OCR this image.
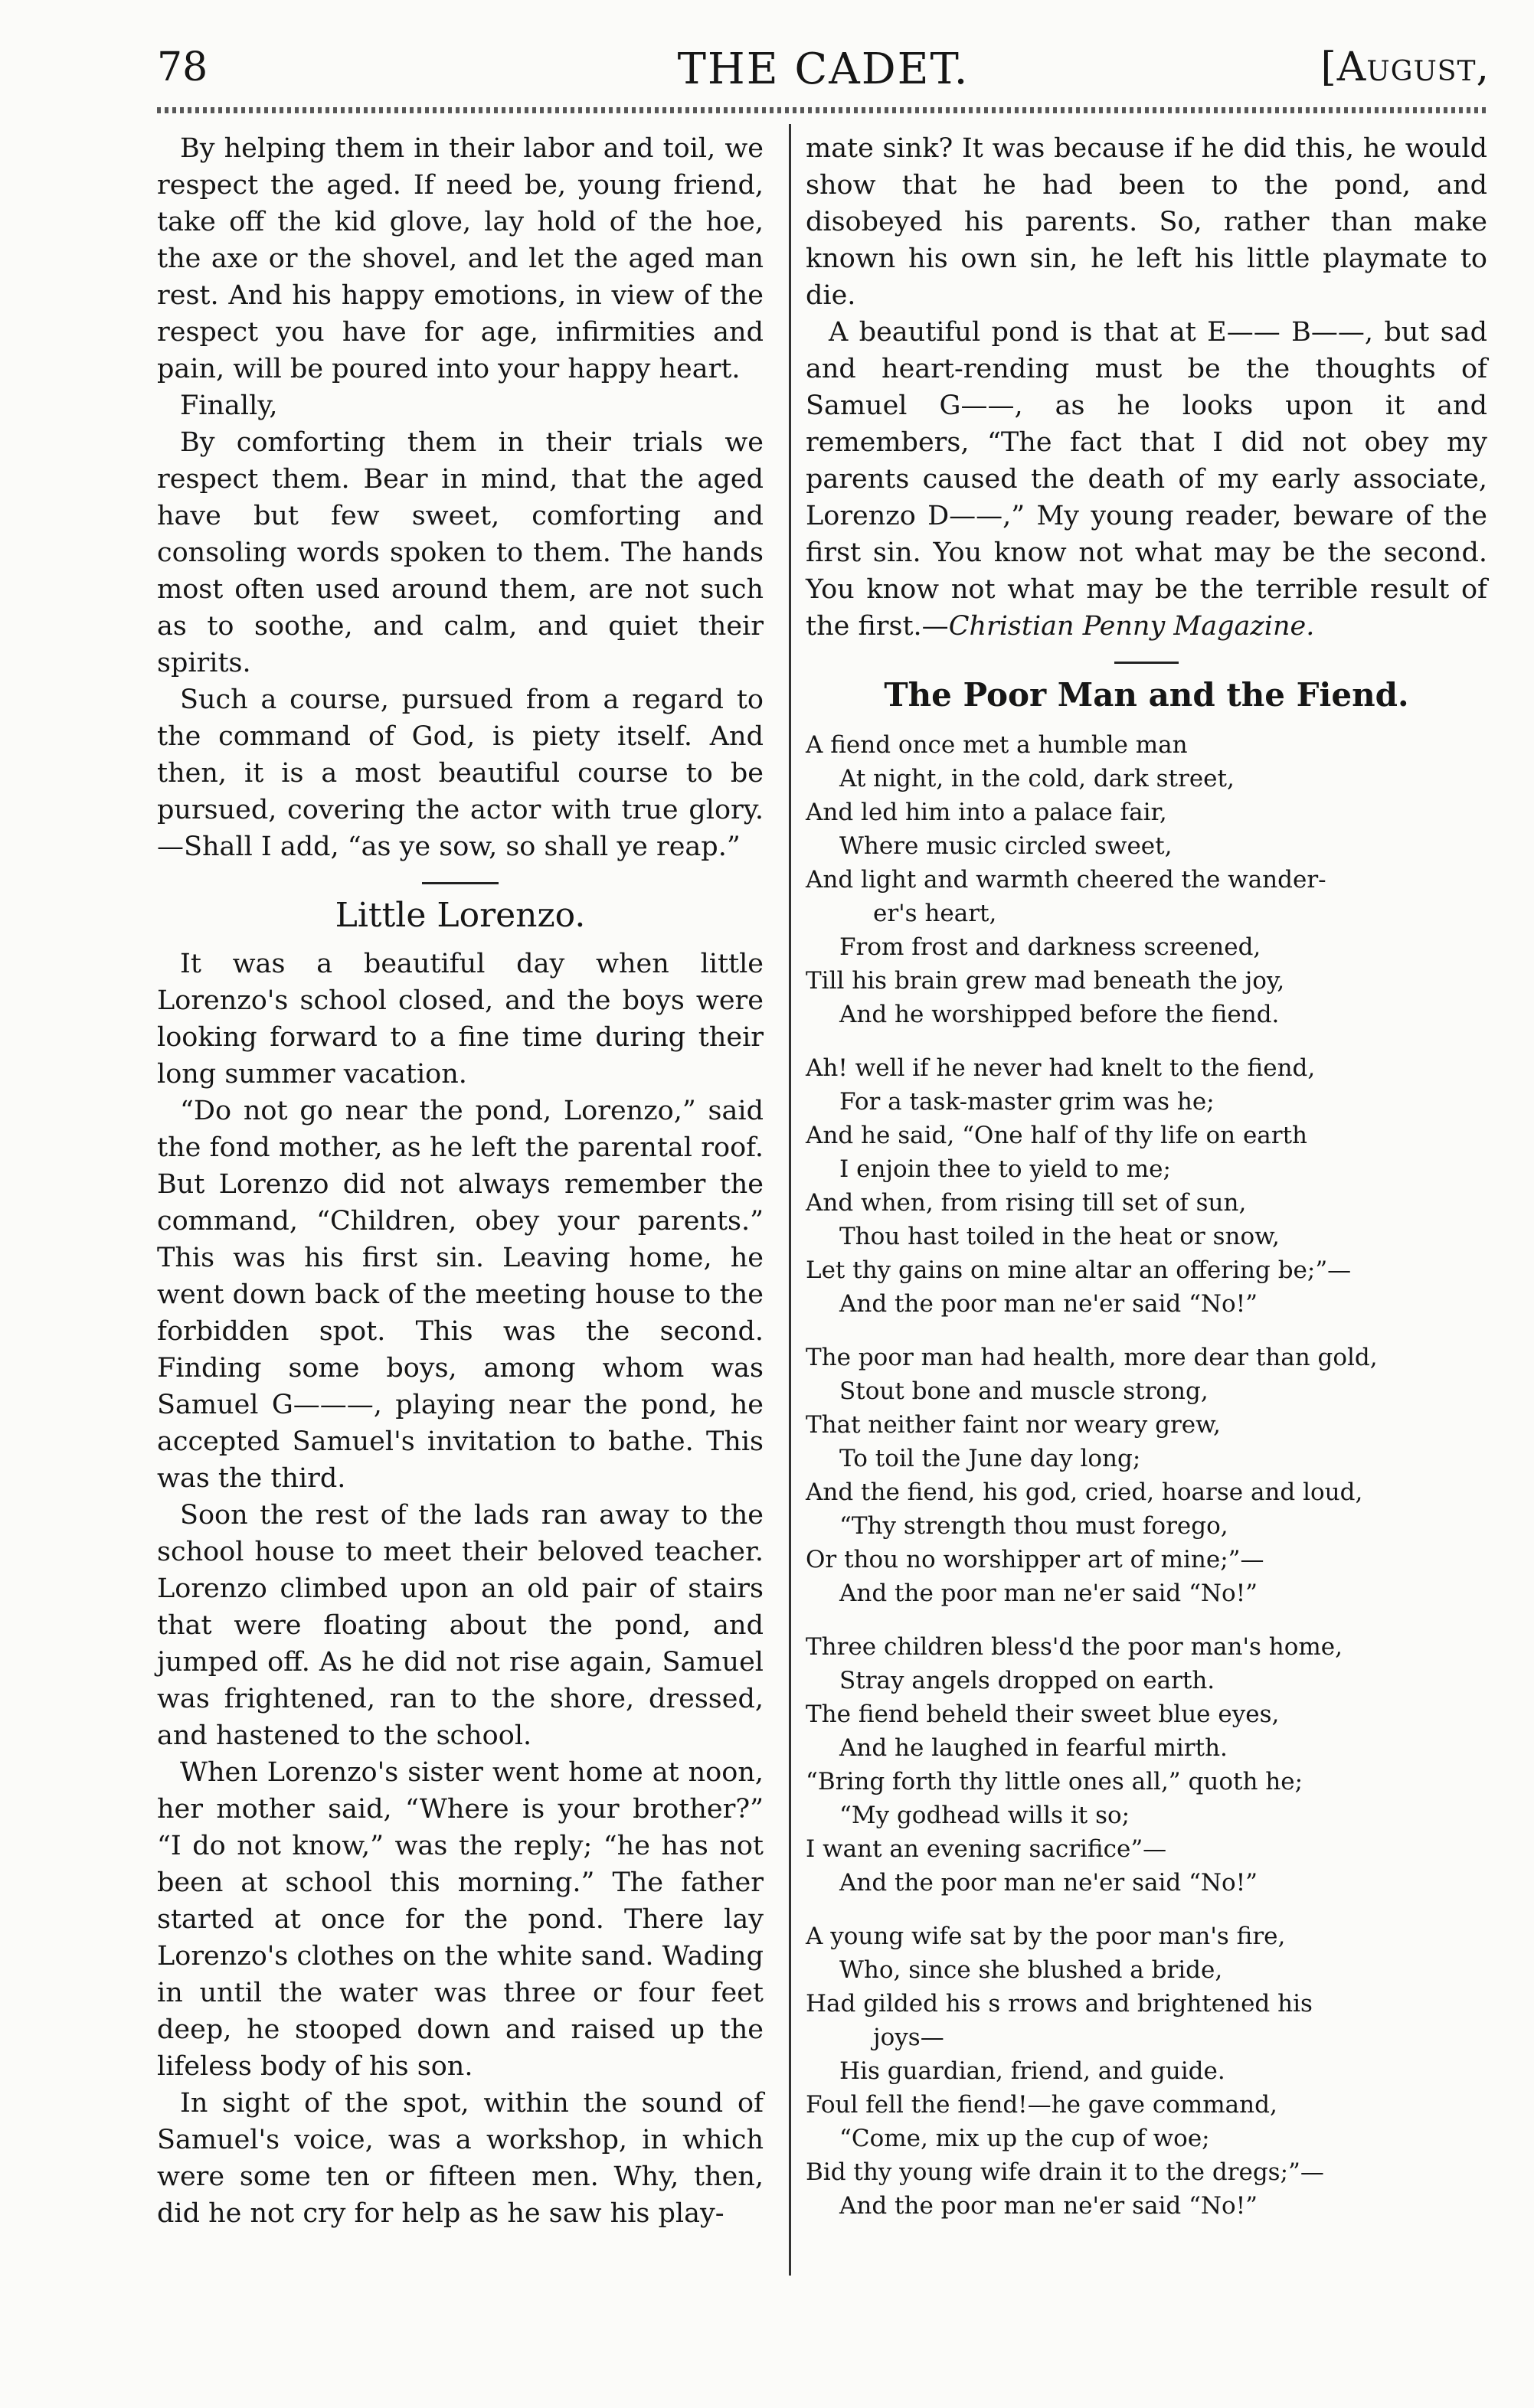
78	THE CADET.	[August,

By helping them in their labor and toil, we respect the aged. If need be, young friend, take off the kid glove, lay hold of the hoe, the axe or the shovel, and let the aged man rest. And his happy emotions, in view of the respect you have for age, infirmities and pain, will be poured into your happy heart.

Finally,

By comforting them in their trials we respect them. Bear in mind, that the aged have but few sweet, comforting and consoling words spoken to them. The hands most often used around them, are not such as to soothe, and calm, and quiet their spirits.

Such a course, pursued from a regard to the command of God, is piety itself. And then, it is a most beautiful course to be pursued, covering the actor with true glory.—Shall I add, “as ye sow, so shall ye reap.”

Little Lorenzo.

It was a beautiful day when little Lorenzo's school closed, and the boys were looking forward to a fine time during their long summer vacation.

“Do not go near the pond, Lorenzo,” said the fond mother, as he left the parental roof. But Lorenzo did not always remember the command, “Children, obey your parents.” This was his first sin. Leaving home, he went down back of the meeting house to the forbidden spot. This was the second. Finding some boys, among whom was Samuel G———, playing near the pond, he accepted Samuel's invitation to bathe. This was the third.

Soon the rest of the lads ran away to the school house to meet their beloved teacher. Lorenzo climbed upon an old pair of stairs that were floating about the pond, and jumped off. As he did not rise again, Samuel was frightened, ran to the shore, dressed, and hastened to the school.

When Lorenzo's sister went home at noon, her mother said, “Where is your brother?” “I do not know,” was the reply; “he has not been at school this morning.” The father started at once for the pond. There lay Lorenzo's clothes on the white sand. Wading in until the water was three or four feet deep, he stooped down and raised up the lifeless body of his son.

In sight of the spot, within the sound of Samuel's voice, was a workshop, in which were some ten or fifteen men. Why, then, did he not cry for help as he saw his play-

mate sink? It was because if he did this, he would show that he had been to the pond, and disobeyed his parents. So, rather than make known his own sin, he left his little playmate to die.

A beautiful pond is that at E—— B——, but sad and heart-rending must be the thoughts of Samuel G——, as he looks upon it and remembers, “The fact that I did not obey my parents caused the death of my early associate, Lorenzo D——,” My young reader, beware of the first sin. You know not what may be the second. You know not what may be the terrible result of the first.—Christian Penny Magazine.

The Poor Man and the Fiend.
A fiend once met a humble man
At night, in the cold, dark street,
And led him into a palace fair,
Where music circled sweet,
And light and warmth cheered the wander-
er's heart,
From frost and darkness screened,
Till his brain grew mad beneath the joy,
And he worshipped before the fiend.
Ah! well if he never had knelt to the fiend,
For a task-master grim was he;
And he said, “One half of thy life on earth
I enjoin thee to yield to me;
And when, from rising till set of sun,
Thou hast toiled in the heat or snow,
Let thy gains on mine altar an offering be;”—
And the poor man ne'er said “No!”
The poor man had health, more dear than gold,
Stout bone and muscle strong,
That neither faint nor weary grew,
To toil the June day long;
And the fiend, his god, cried, hoarse and loud,
“Thy strength thou must forego,
Or thou no worshipper art of mine;”—
And the poor man ne'er said “No!”
Three children bless'd the poor man's home,
Stray angels dropped on earth.
The fiend beheld their sweet blue eyes,
And he laughed in fearful mirth.
“Bring forth thy little ones all,” quoth he;
“My godhead wills it so;
I want an evening sacrifice”—
And the poor man ne'er said “No!”
A young wife sat by the poor man's fire,
Who, since she blushed a bride,
Had gilded his s rrows and brightened his
joys—
His guardian, friend, and guide.
Foul fell the fiend!—he gave command,
“Come, mix up the cup of woe;
Bid thy young wife drain it to the dregs;”—
And the poor man ne'er said “No!”
